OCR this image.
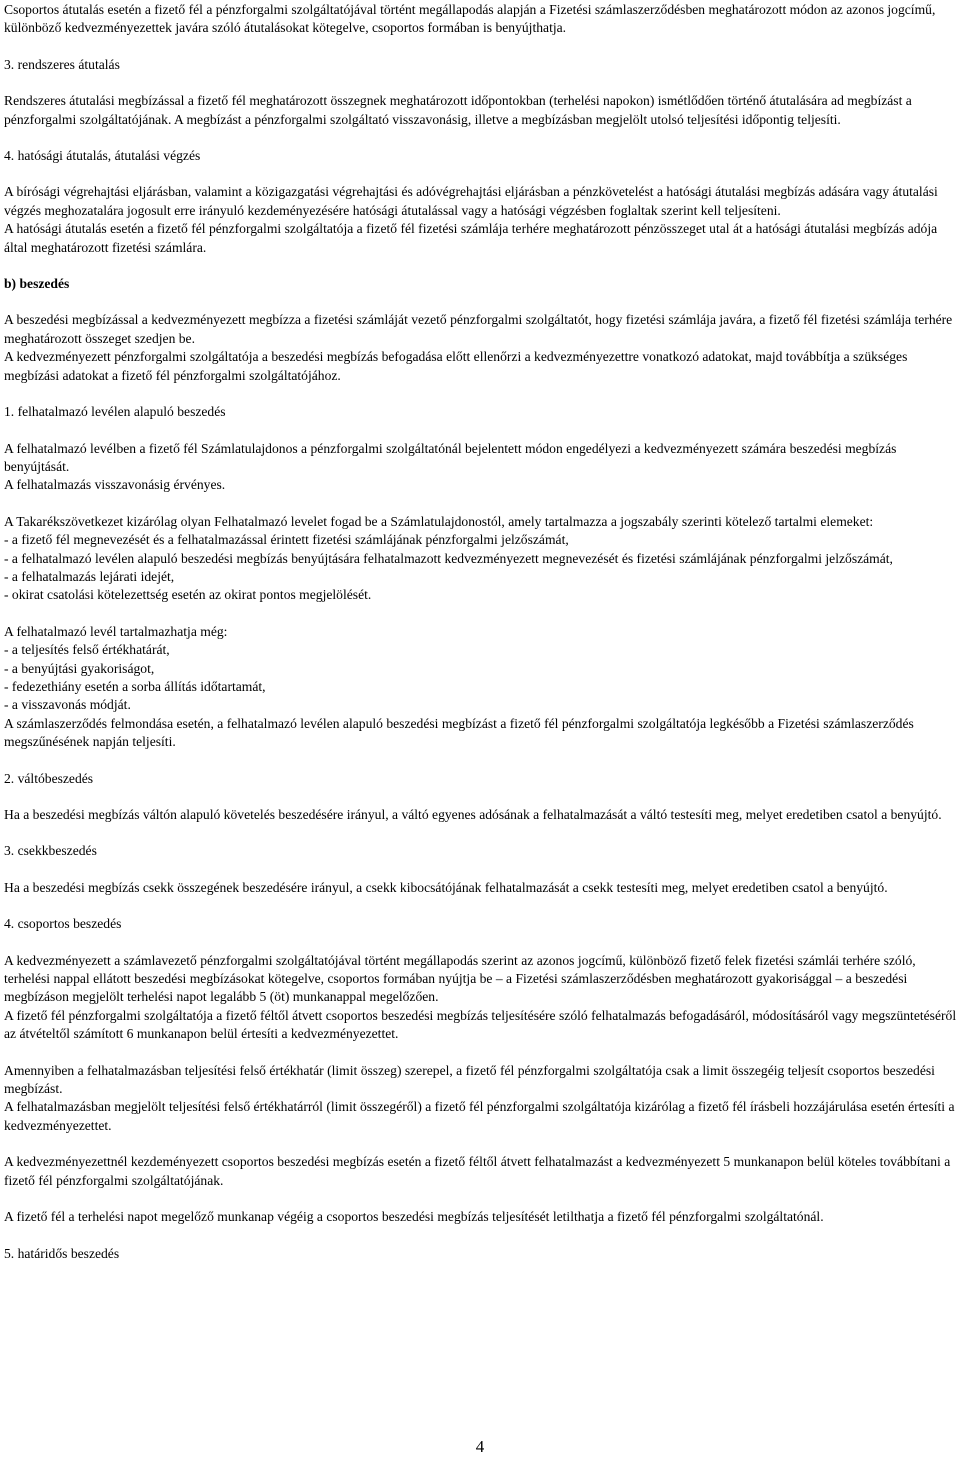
Csoportos átutalás esetén a fizető fél a pénzforgalmi szolgáltatójával történt megállapodás alapján a Fizetési számlaszerződésben meghatározott módon az azonos jogcímű, különböző kedvezményezettek javára szóló átutalásokat kötegelve, csoportos formában is benyújthatja.

3. rendszeres átutalás

Rendszeres átutalási megbízással a fizető fél meghatározott összegnek meghatározott időpontokban (terhelési napokon) ismétlődően történő átutalására ad megbízást a pénzforgalmi szolgáltatójának. A megbízást a pénzforgalmi szolgáltató visszavonásig, illetve a megbízásban megjelölt utolsó teljesítési időpontig teljesíti.

4. hatósági átutalás, átutalási végzés

A bírósági végrehajtási eljárásban, valamint a közigazgatási végrehajtási és adóvégrehajtási eljárásban a pénzkövetelést a hatósági átutalási megbízás adására vagy átutalási végzés meghozatalára jogosult erre irányuló kezdeményezésére hatósági átutalással vagy a hatósági végzésben foglaltak szerint kell teljesíteni.

A hatósági átutalás esetén a fizető fél pénzforgalmi szolgáltatója a fizető fél fizetési számlája terhére meghatározott pénzösszeget utal át a hatósági átutalási megbízás adója által meghatározott fizetési számlára.

b) beszedés

A beszedési megbízással a kedvezményezett megbízza a fizetési számláját vezető pénzforgalmi szolgáltatót, hogy fizetési számlája javára, a fizető fél fizetési számlája terhére meghatározott összeget szedjen be.

A kedvezményezett pénzforgalmi szolgáltatója a beszedési megbízás befogadása előtt ellenőrzi a kedvezményezettre vonatkozó adatokat, majd továbbítja a szükséges megbízási adatokat a fizető fél pénzforgalmi szolgáltatójához.

1. felhatalmazó levélen alapuló beszedés

A felhatalmazó levélben a fizető fél Számlatulajdonos a pénzforgalmi szolgáltatónál bejelentett módon engedélyezi a kedvezményezett számára beszedési megbízás benyújtását.

A felhatalmazás visszavonásig érvényes.

A Takarékszövetkezet kizárólag olyan Felhatalmazó levelet fogad be a Számlatulajdonostól, amely tartalmazza a jogszabály szerinti kötelező tartalmi elemeket:

- a fizető fél megnevezését és a felhatalmazással érintett fizetési számlájának pénzforgalmi jelzőszámát,

- a felhatalmazó levélen alapuló beszedési megbízás benyújtására felhatalmazott kedvezményezett megnevezését és fizetési számlájának pénzforgalmi jelzőszámát,

- a felhatalmazás lejárati idejét,

- okirat csatolási kötelezettség esetén az okirat pontos megjelölését.

A felhatalmazó levél tartalmazhatja még:

- a teljesítés felső értékhatárát,

- a benyújtási gyakoriságot,

- fedezethiány esetén a sorba állítás időtartamát,

- a visszavonás módját.

A számlaszerződés felmondása esetén, a felhatalmazó levélen alapuló beszedési megbízást a fizető fél pénzforgalmi szolgáltatója legkésőbb a Fizetési számlaszerződés megszűnésének napján teljesíti.

2. váltóbeszedés

Ha a beszedési megbízás váltón alapuló követelés beszedésére irányul, a váltó egyenes adósának a felhatalmazását a váltó testesíti meg, melyet eredetiben csatol a benyújtó.

3. csekkbeszedés

Ha a beszedési megbízás csekk összegének beszedésére irányul, a csekk kibocsátójának felhatalmazását a csekk testesíti meg, melyet eredetiben csatol a benyújtó.

4. csoportos beszedés

A kedvezményezett a számlavezető pénzforgalmi szolgáltatójával történt megállapodás szerint az azonos jogcímű, különböző fizető felek fizetési számlái terhére szóló, terhelési nappal ellátott beszedési megbízásokat kötegelve, csoportos formában nyújtja be – a Fizetési számlaszerződésben meghatározott gyakorisággal – a beszedési megbízáson megjelölt terhelési napot legalább 5 (öt) munkanappal megelőzően.

A fizető fél pénzforgalmi szolgáltatója a fizető féltől átvett csoportos beszedési megbízás teljesítésére szóló felhatalmazás befogadásáról, módosításáról vagy megszüntetéséről az átvételtől számított 6 munkanapon belül értesíti a kedvezményezettet.

Amennyiben a felhatalmazásban teljesítési felső értékhatár (limit összeg) szerepel, a fizető fél pénzforgalmi szolgáltatója csak a limit összegéig teljesít csoportos beszedési megbízást.

A felhatalmazásban megjelölt teljesítési felső értékhatárról (limit összegéről) a fizető fél pénzforgalmi szolgáltatója kizárólag a fizető fél írásbeli hozzájárulása esetén értesíti a kedvezményezettet.

A kedvezményezettnél kezdeményezett csoportos beszedési megbízás esetén a fizető féltől átvett felhatalmazást a kedvezményezett 5 munkanapon belül köteles továbbítani a fizető fél pénzforgalmi szolgáltatójának.

A fizető fél a terhelési napot megelőző munkanap végéig a csoportos beszedési megbízás teljesítését letilthatja a fizető fél pénzforgalmi szolgáltatónál.

5. határidős beszedés

4
